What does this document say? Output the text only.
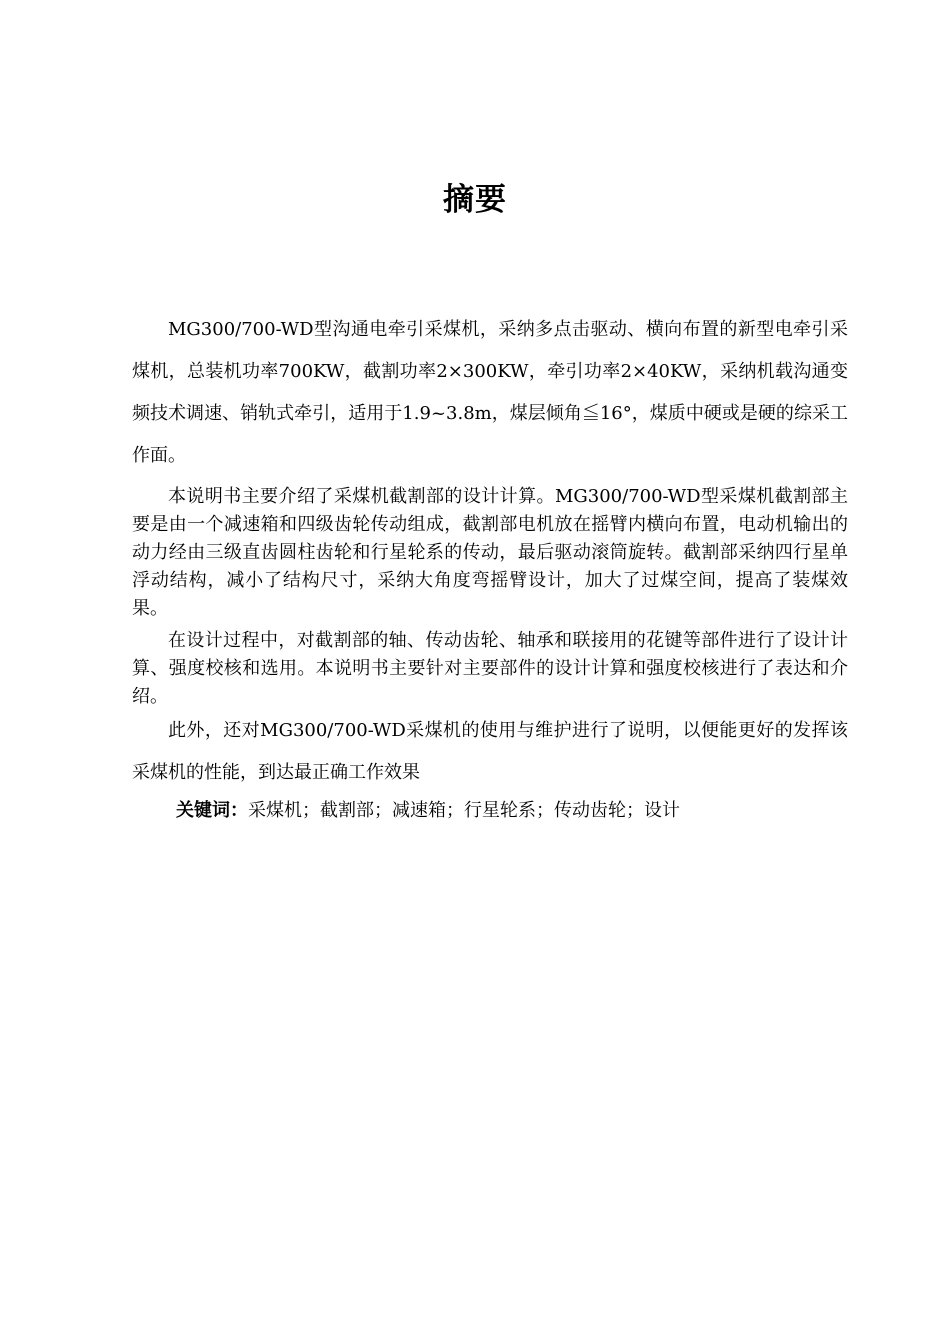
摘要

MG300/700-WD型沟通电牵引采煤机，采纳多点击驱动、横向布置的新型电牵引采煤机，总装机功率700KW，截割功率2×300KW，牵引功率2×40KW，采纳机载沟通变频技术调速、销轨式牵引，适用于1.9~3.8m，煤层倾角≦16°，煤质中硬或是硬的综采工作面。

本说明书主要介绍了采煤机截割部的设计计算。MG300/700-WD型采煤机截割部主要是由一个减速箱和四级齿轮传动组成，截割部电机放在摇臂内横向布置，电动机输出的动力经由三级直齿圆柱齿轮和行星轮系的传动，最后驱动滚筒旋转。截割部采纳四行星单浮动结构，减小了结构尺寸，采纳大角度弯摇臂设计，加大了过煤空间，提高了装煤效果。

在设计过程中，对截割部的轴、传动齿轮、轴承和联接用的花键等部件进行了设计计算、强度校核和选用。本说明书主要针对主要部件的设计计算和强度校核进行了表达和介绍。

此外，还对MG300/700-WD采煤机的使用与维护进行了说明，以便能更好的发挥该采煤机的性能，到达最正确工作效果

关键词：采煤机；截割部；减速箱；行星轮系；传动齿轮；设计
